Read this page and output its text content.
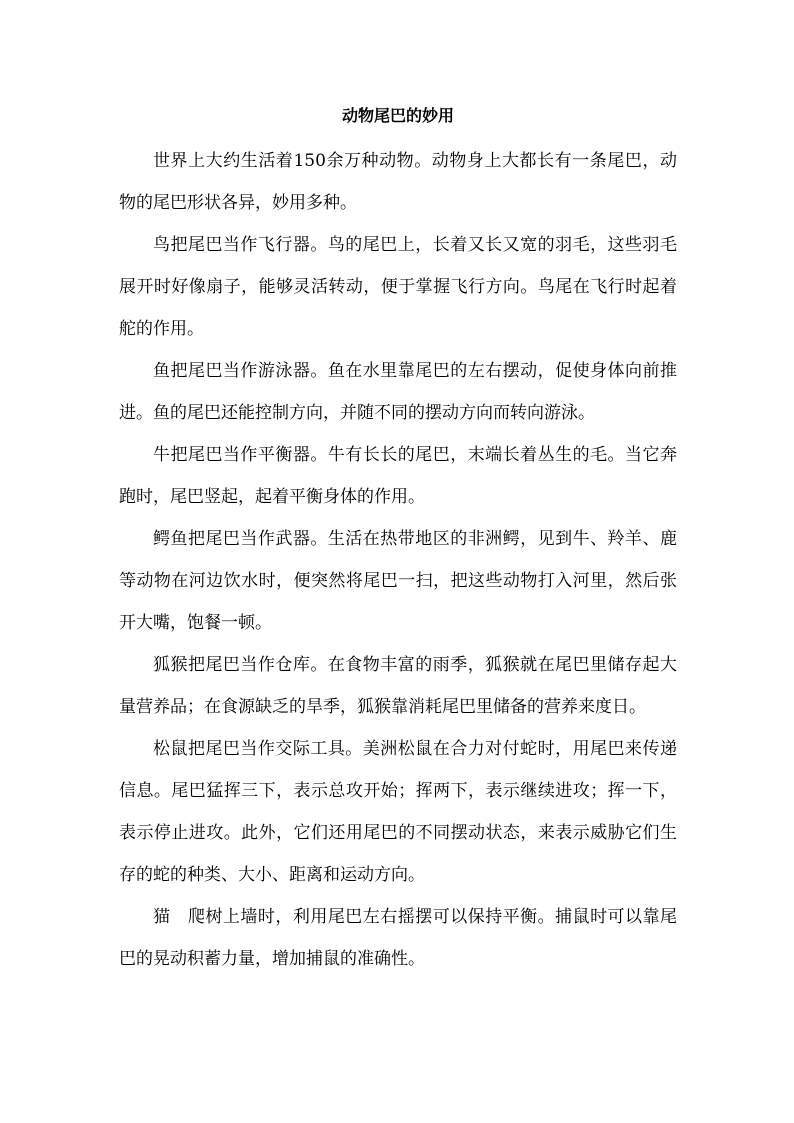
动物尾巴的妙用

世界上大约生活着150余万种动物。动物身上大都长有一条尾巴，动物的尾巴形状各异，妙用多种。

鸟把尾巴当作飞行器。鸟的尾巴上，长着又长又宽的羽毛，这些羽毛展开时好像扇子，能够灵活转动，便于掌握飞行方向。鸟尾在飞行时起着舵的作用。

鱼把尾巴当作游泳器。鱼在水里靠尾巴的左右摆动，促使身体向前推进。鱼的尾巴还能控制方向，并随不同的摆动方向而转向游泳。

牛把尾巴当作平衡器。牛有长长的尾巴，末端长着丛生的毛。当它奔跑时，尾巴竖起，起着平衡身体的作用。

鳄鱼把尾巴当作武器。生活在热带地区的非洲鳄，见到牛、羚羊、鹿等动物在河边饮水时，便突然将尾巴一扫，把这些动物打入河里，然后张开大嘴，饱餐一顿。

狐猴把尾巴当作仓库。在食物丰富的雨季，狐猴就在尾巴里储存起大量营养品；在食源缺乏的旱季，狐猴靠消耗尾巴里储备的营养来度日。

松鼠把尾巴当作交际工具。美洲松鼠在合力对付蛇时，用尾巴来传递信息。尾巴猛挥三下，表示总攻开始；挥两下，表示继续进攻；挥一下，表示停止进攻。此外，它们还用尾巴的不同摆动状态，来表示威胁它们生存的蛇的种类、大小、距离和运动方向。

猫　爬树上墙时，利用尾巴左右摇摆可以保持平衡。捕鼠时可以靠尾巴的晃动积蓄力量，增加捕鼠的准确性。
